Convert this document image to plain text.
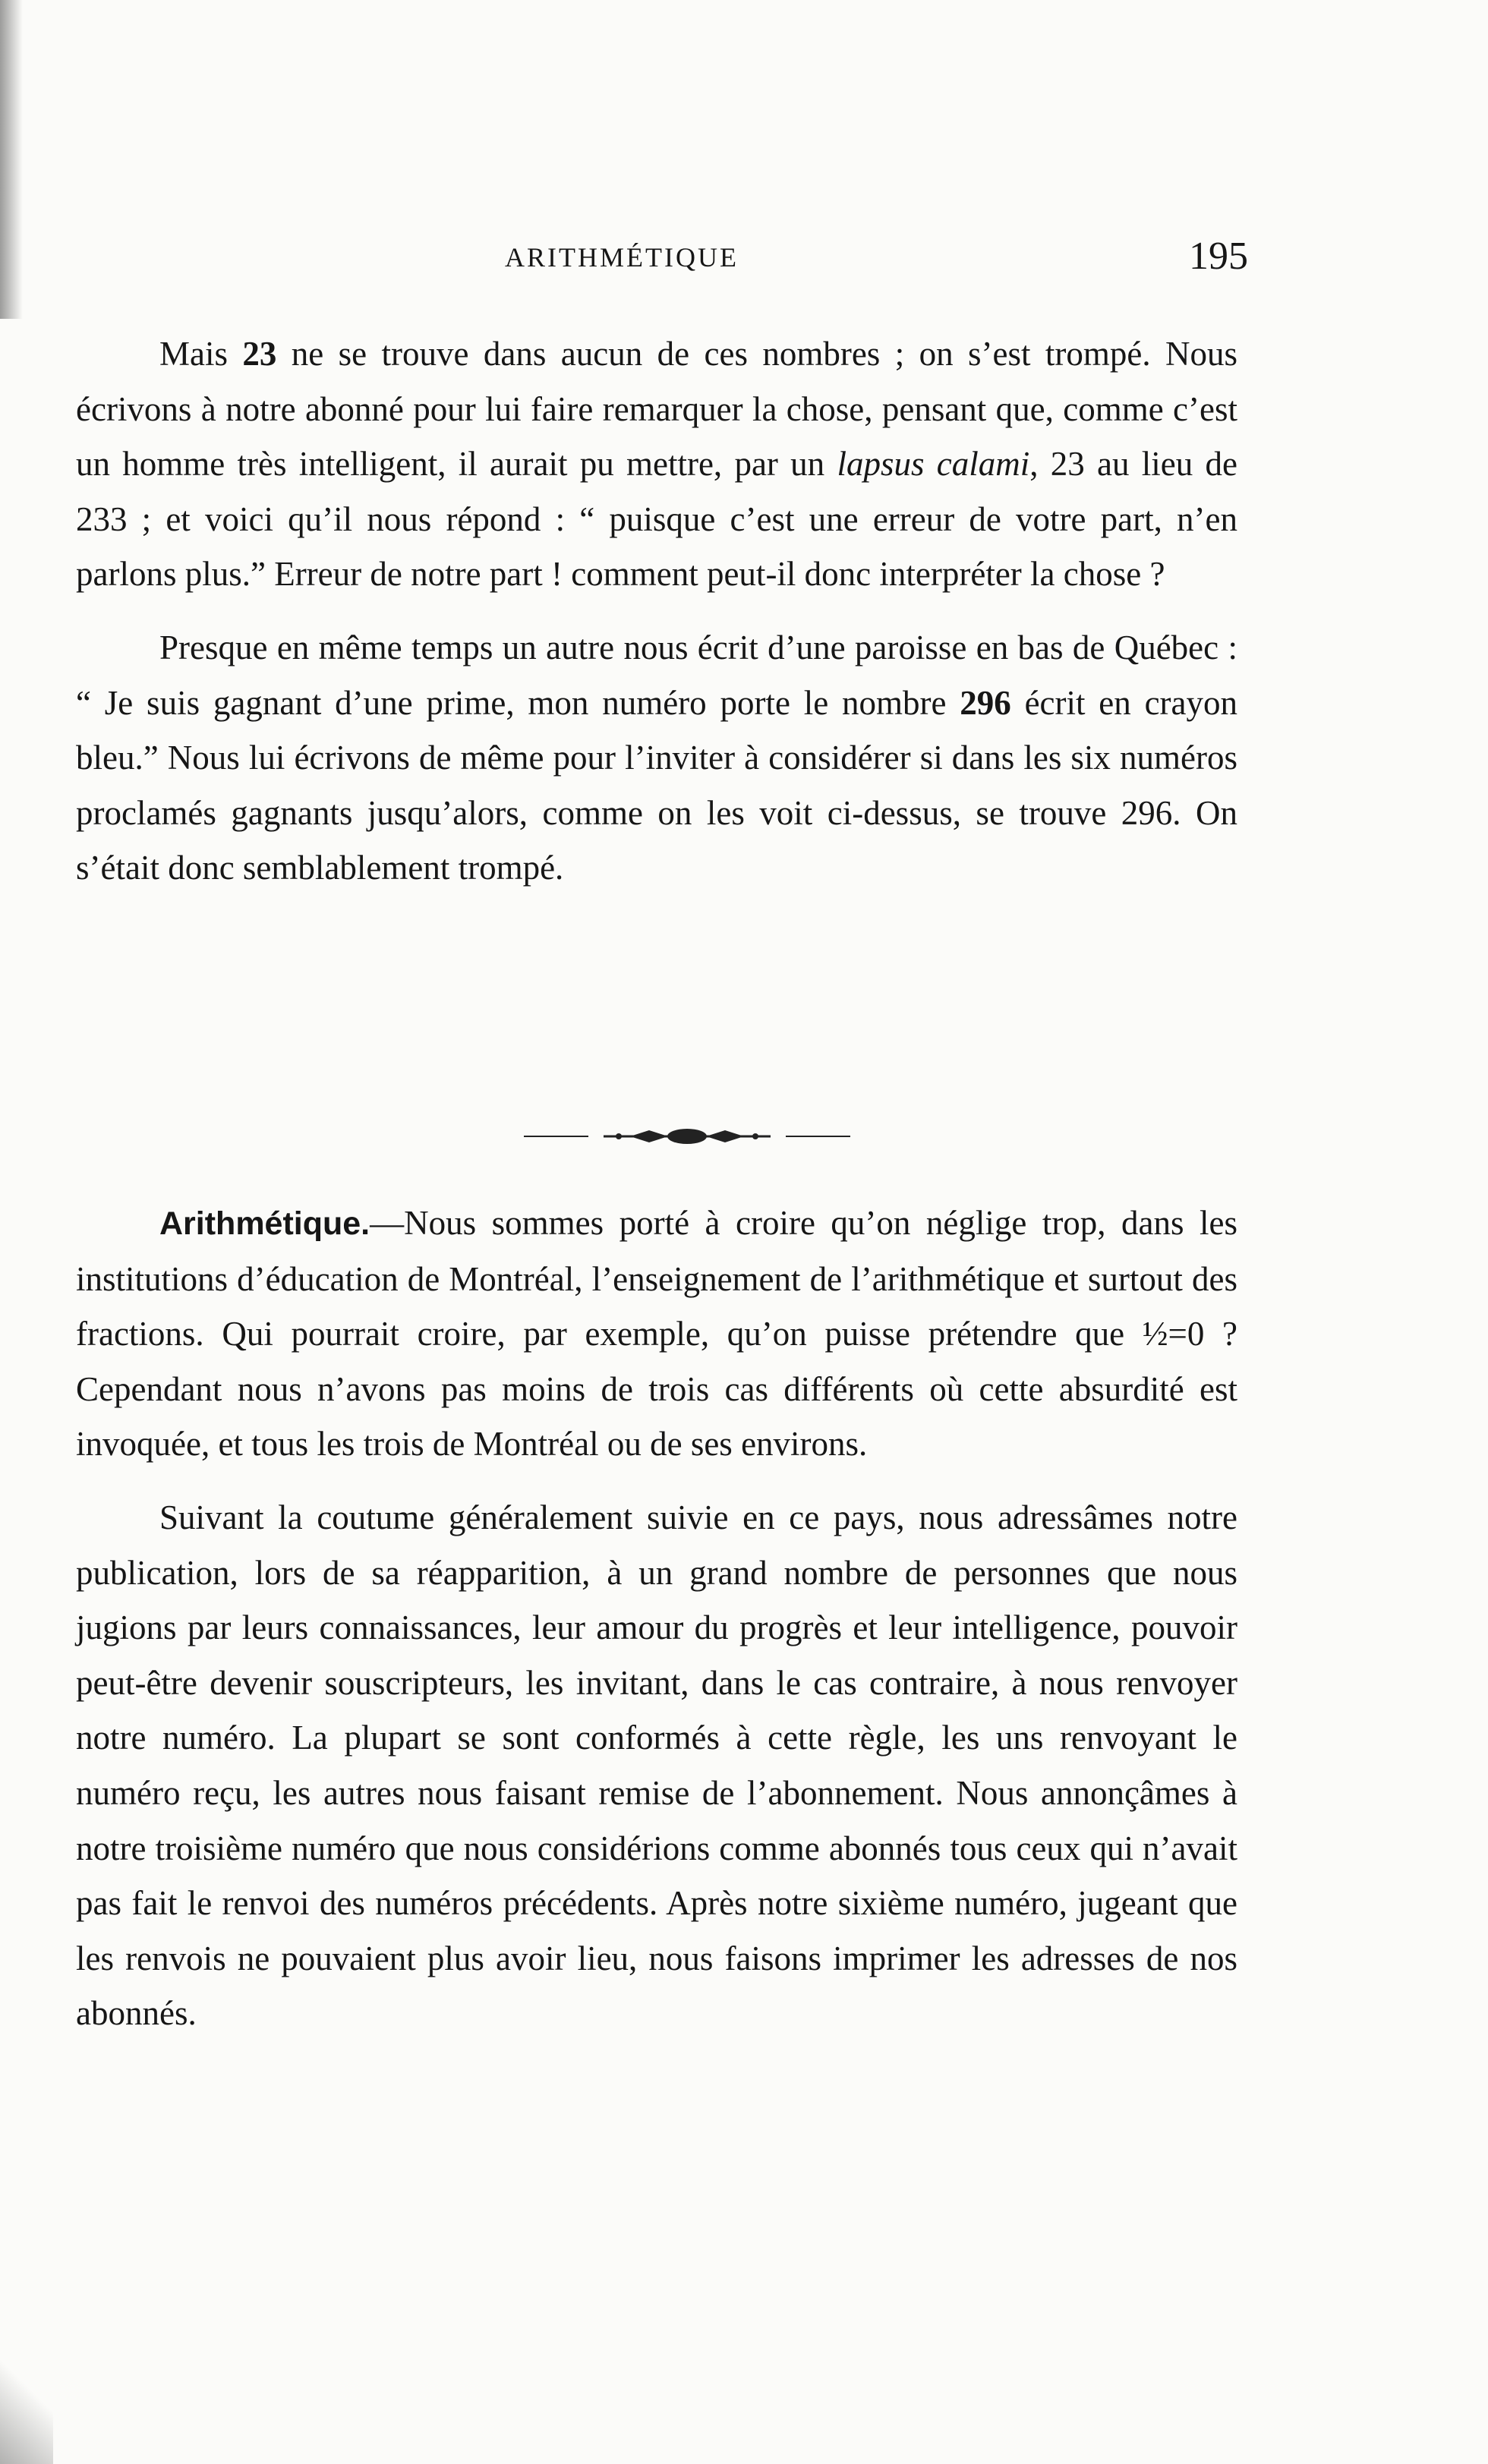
ARITHMÉTIQUE	195

Mais 23 ne se trouve dans aucun de ces nombres ; on s’est trompé. Nous écrivons à notre abonné pour lui faire remarquer la chose, pensant que, comme c’est un homme très intelligent, il aurait pu mettre, par un lapsus calami, 23 au lieu de 233 ; et voici qu’il nous répond : “ puisque c’est une erreur de votre part, n’en parlons plus.” Erreur de notre part ! comment peut-il donc interpréter la chose ?

Presque en même temps un autre nous écrit d’une paroisse en bas de Québec : “ Je suis gagnant d’une prime, mon numéro porte le nombre 296 écrit en crayon bleu.” Nous lui écrivons de même pour l’inviter à considérer si dans les six numéros proclamés gagnants jusqu’alors, comme on les voit ci-dessus, se trouve 296. On s’était donc semblablement trompé.

Arithmétique.—Nous sommes porté à croire qu’on néglige trop, dans les institutions d’éducation de Montréal, l’enseignement de l’arithmétique et surtout des fractions. Qui pourrait croire, par exemple, qu’on puisse prétendre que ½=0 ? Cependant nous n’avons pas moins de trois cas différents où cette absurdité est invoquée, et tous les trois de Montréal ou de ses environs.

Suivant la coutume généralement suivie en ce pays, nous adressâmes notre publication, lors de sa réapparition, à un grand nombre de personnes que nous jugions par leurs connaissances, leur amour du progrès et leur intelligence, pouvoir peut-être devenir souscripteurs, les invitant, dans le cas contraire, à nous renvoyer notre numéro. La plupart se sont conformés à cette règle, les uns renvoyant le numéro reçu, les autres nous faisant remise de l’abonnement. Nous annonçâmes à notre troisième numéro que nous considérions comme abonnés tous ceux qui n’avait pas fait le renvoi des numéros précédents. Après notre sixième numéro, jugeant que les renvois ne pouvaient plus avoir lieu, nous faisons imprimer les adresses de nos abonnés.
